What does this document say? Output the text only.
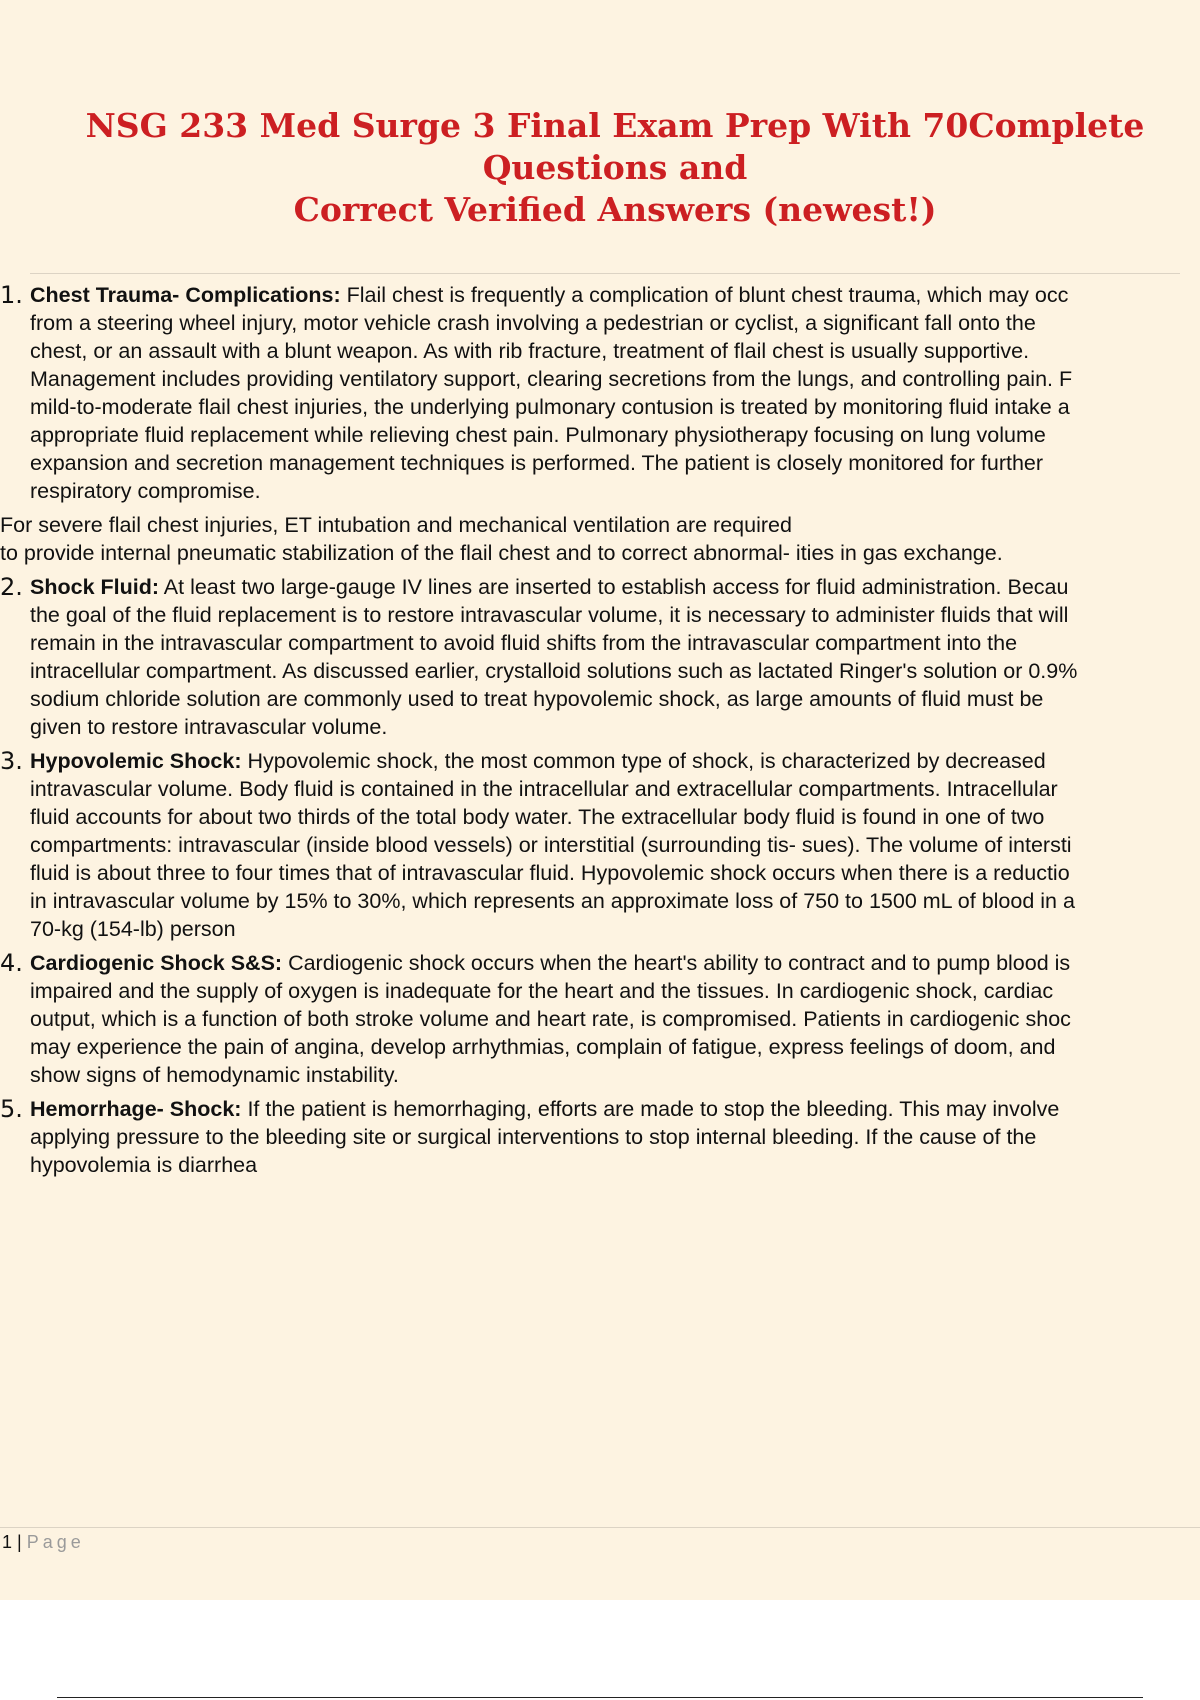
NSG 233 Med Surge 3 Final Exam Prep With 70Complete Questions and
Correct Verified Answers (newest!)
1. Chest Trauma- Complications: Flail chest is frequently a complication of blunt chest trauma, which may occ
from a steering wheel injury, motor vehicle crash involving a pedestrian or cyclist, a significant fall onto the
chest, or an assault with a blunt weapon. As with rib fracture, treatment of flail chest is usually supportive.
Management includes providing ventilatory support, clearing secretions from the lungs, and controlling pain. F
mild-to-moderate flail chest injuries, the underlying pulmonary contusion is treated by monitoring fluid intake a
appropriate fluid replacement while relieving chest pain. Pulmonary physiotherapy focusing on lung volume
expansion and secretion management techniques is performed. The patient is closely monitored for further
respiratory compromise.
For severe flail chest injuries, ET intubation and mechanical ventilation are required
to provide internal pneumatic stabilization of the flail chest and to correct abnormal- ities in gas exchange.
2. Shock Fluid: At least two large-gauge IV lines are inserted to establish access for fluid administration. Becau
the goal of the fluid replacement is to restore intravascular volume, it is necessary to administer fluids that will
remain in the intravascular compartment to avoid fluid shifts from the intravascular compartment into the
intracellular compartment. As discussed earlier, crystalloid solutions such as lactated Ringer's solution or 0.9%
sodium chloride solution are commonly used to treat hypovolemic shock, as large amounts of fluid must be
given to restore intravascular volume.
3. Hypovolemic Shock: Hypovolemic shock, the most common type of shock, is characterized by decreased
intravascular volume. Body fluid is contained in the intracellular and extracellular compartments. Intracellular
fluid accounts for about two thirds of the total body water. The extracellular body fluid is found in one of two
compartments: intravascular (inside blood vessels) or interstitial (surrounding tis- sues). The volume of intersti
fluid is about three to four times that of intravascular fluid. Hypovolemic shock occurs when there is a reductio
in intravascular volume by 15% to 30%, which represents an approximate loss of 750 to 1500 mL of blood in a
70-kg (154-lb) person
4. Cardiogenic Shock S&S: Cardiogenic shock occurs when the heart's ability to contract and to pump blood is
impaired and the supply of oxygen is inadequate for the heart and the tissues. In cardiogenic shock, cardiac
output, which is a function of both stroke volume and heart rate, is compromised. Patients in cardiogenic shoc
may experience the pain of angina, develop arrhythmias, complain of fatigue, express feelings of doom, and
show signs of hemodynamic instability.
5. Hemorrhage- Shock: If the patient is hemorrhaging, efforts are made to stop the bleeding. This may involve
applying pressure to the bleeding site or surgical interventions to stop internal bleeding. If the cause of the
hypovolemia is diarrhea
1 | Page
